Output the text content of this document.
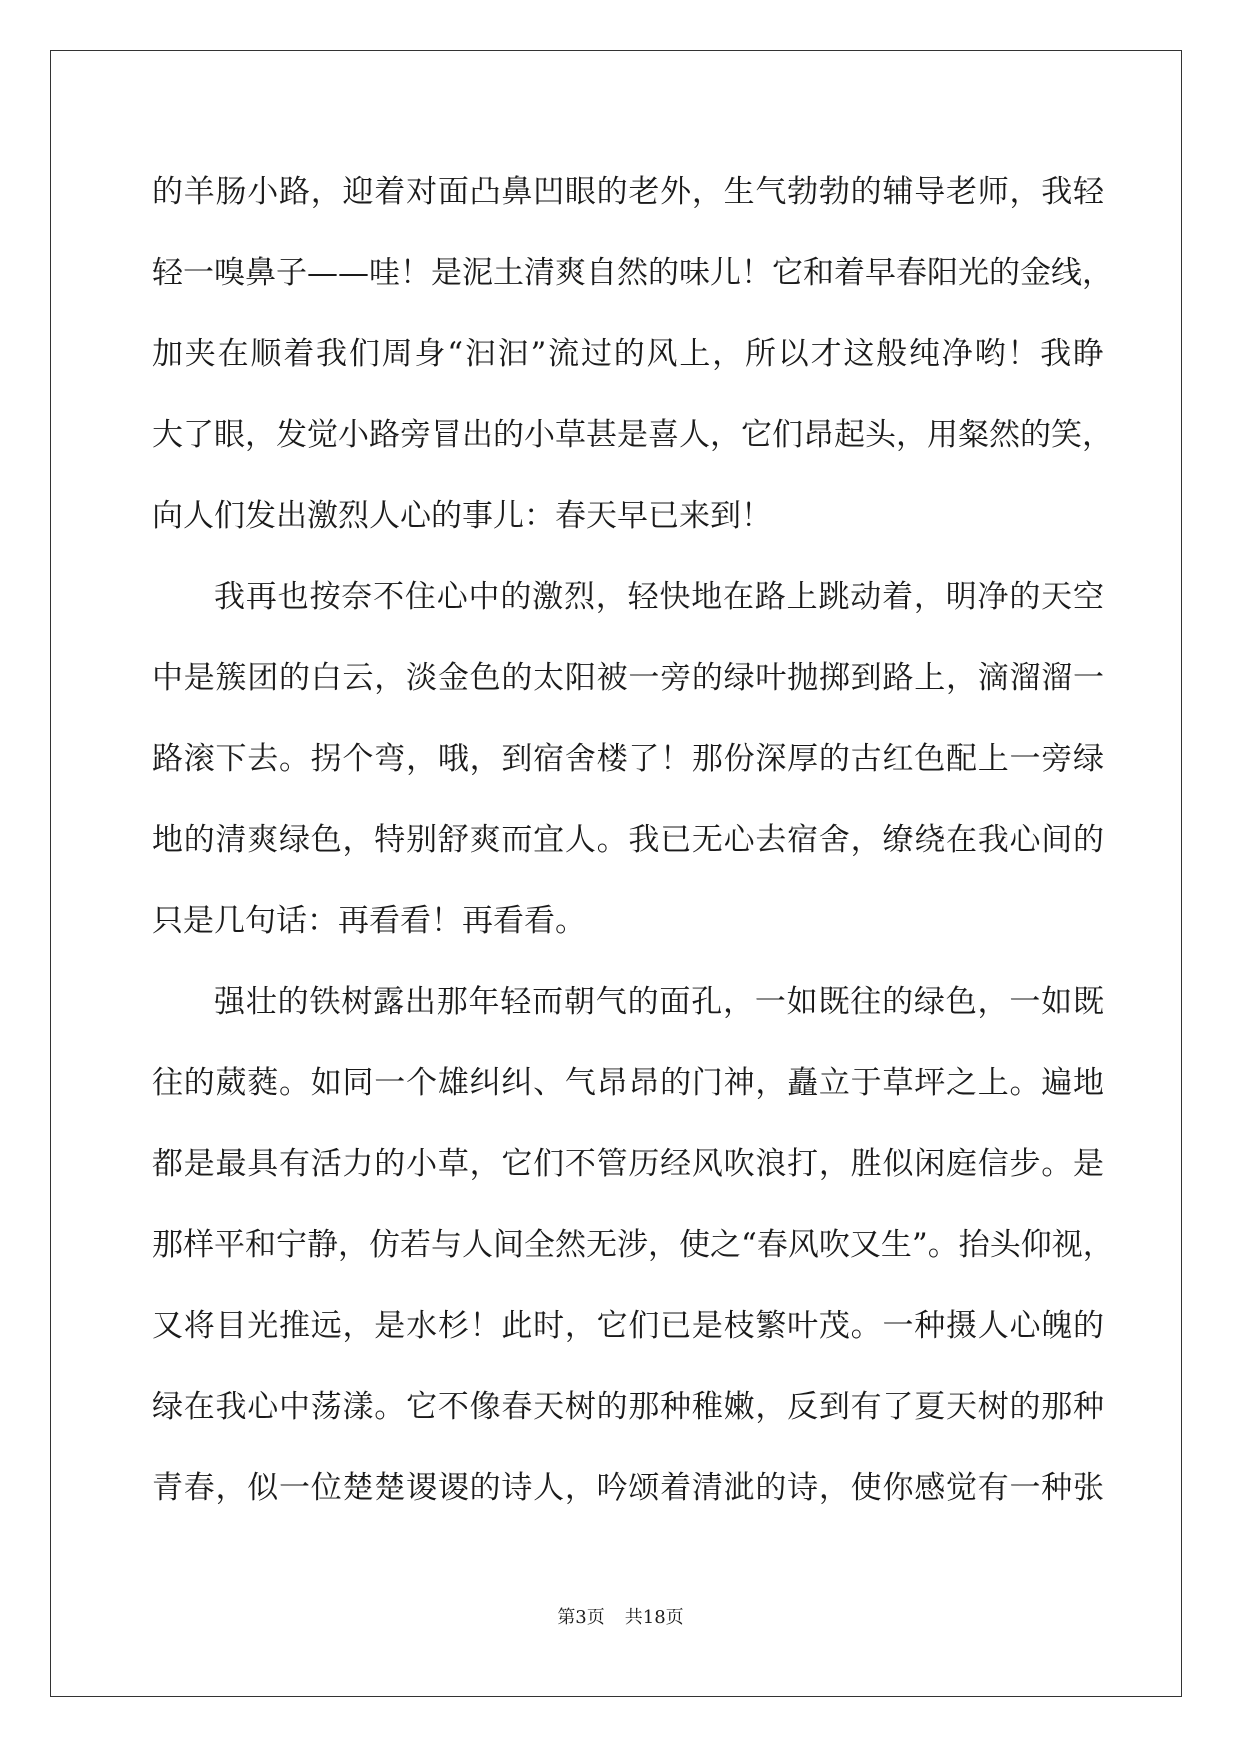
的羊肠小路，迎着对面凸鼻凹眼的老外，生气勃勃的辅导老师，我轻
轻一嗅鼻子——哇！是泥土清爽自然的味儿！它和着早春阳光的金线，
加夹在顺着我们周身“汩汩”流过的风上，所以才这般纯净哟！我睁
大了眼，发觉小路旁冒出的小草甚是喜人，它们昂起头，用粲然的笑，
向人们发出激烈人心的事儿：春天早已来到！
我再也按奈不住心中的激烈，轻快地在路上跳动着，明净的天空
中是簇团的白云，淡金色的太阳被一旁的绿叶抛掷到路上，滴溜溜一
路滚下去。拐个弯，哦，到宿舍楼了！那份深厚的古红色配上一旁绿
地的清爽绿色，特别舒爽而宜人。我已无心去宿舍，缭绕在我心间的
只是几句话：再看看！再看看。
强壮的铁树露出那年轻而朝气的面孔，一如既往的绿色，一如既
往的葳蕤。如同一个雄纠纠、气昂昂的门神，矗立于草坪之上。遍地
都是最具有活力的小草，它们不管历经风吹浪打，胜似闲庭信步。是
那样平和宁静，仿若与人间全然无涉，使之“春风吹又生”。抬头仰视，
又将目光推远，是水杉！此时，它们已是枝繁叶茂。一种摄人心魄的
绿在我心中荡漾。它不像春天树的那种稚嫩，反到有了夏天树的那种
青春，似一位楚楚谡谡的诗人，吟颂着清泚的诗，使你感觉有一种张
第3页 共18页
